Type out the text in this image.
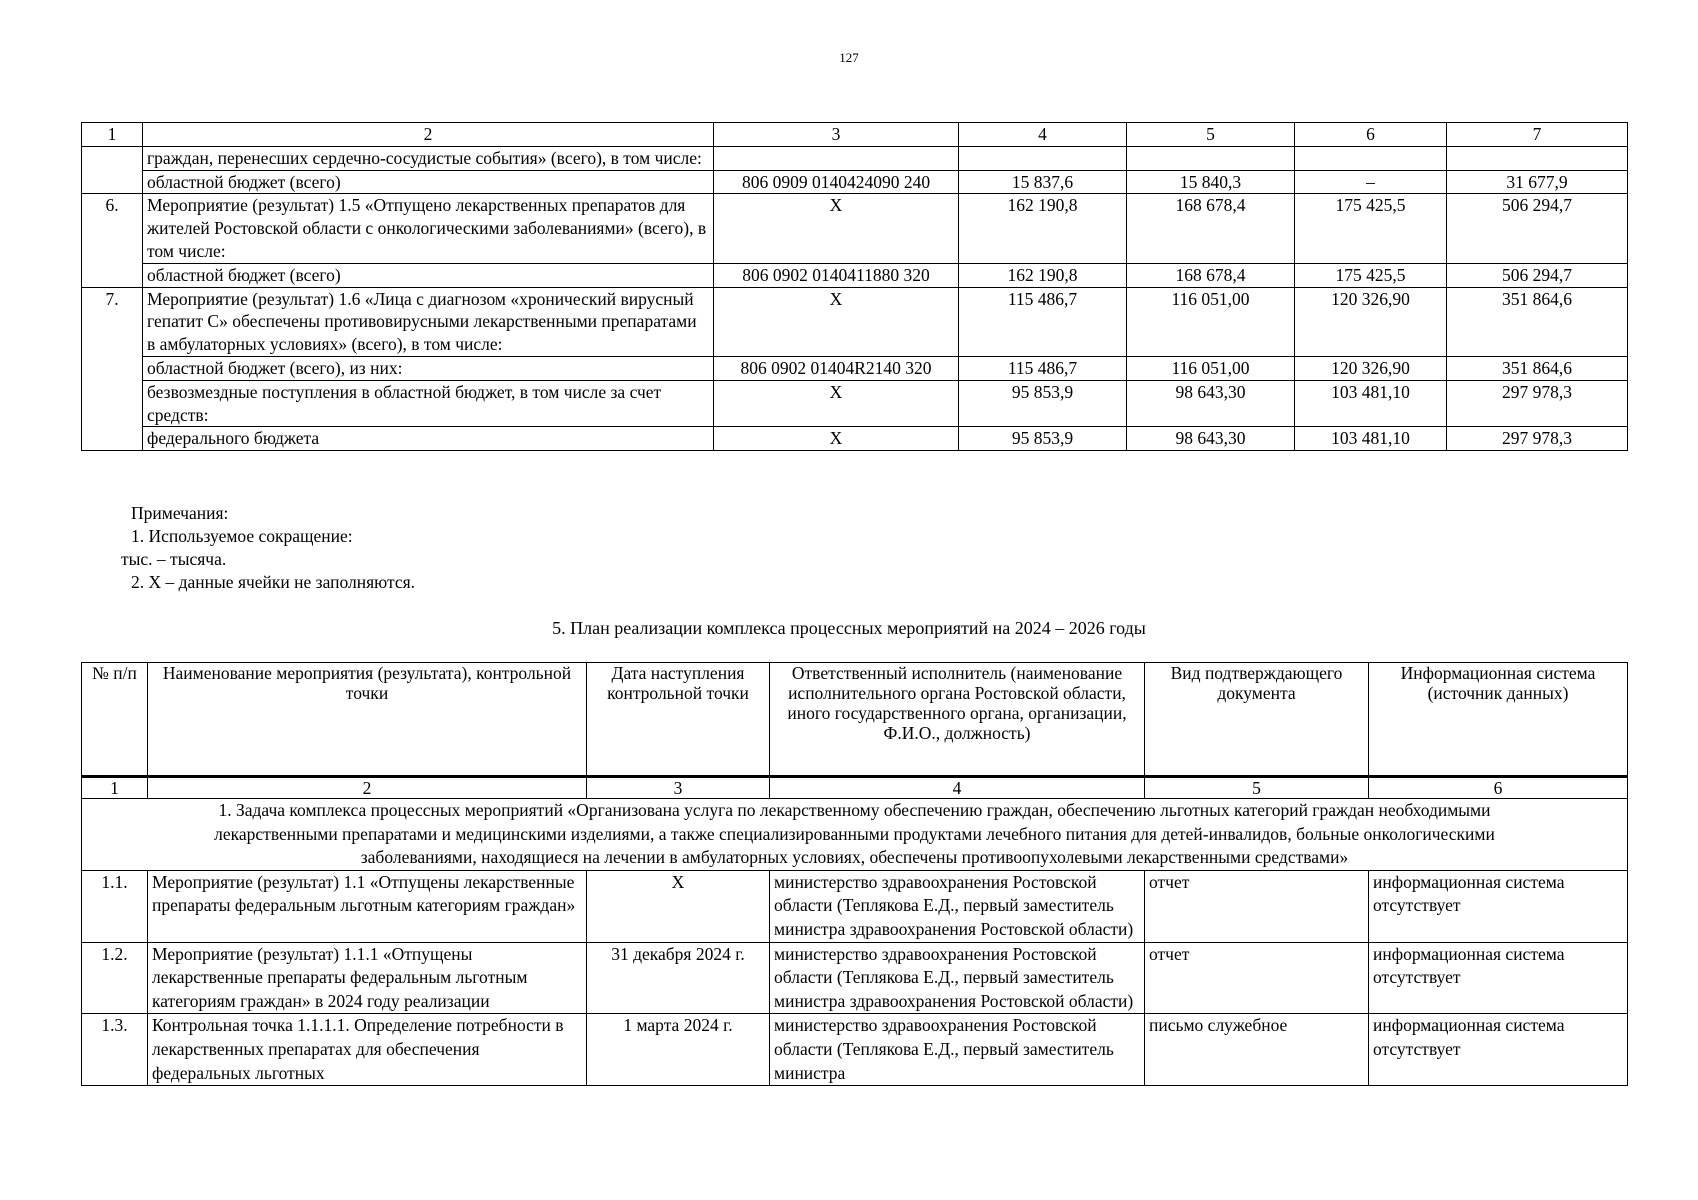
127
1	2	3	4	5	6	7
	граждан, перенесших сердечно-сосудистые события» (всего), в том числе:					
	областной бюджет (всего)	806 0909 0140424090 240	15 837,6	15 840,3	–	31 677,9
6.	Мероприятие (результат) 1.5 «Отпущено лекарственных препаратов для жителей Ростовской области с онкологическими заболеваниями» (всего), в том числе:	Х	162 190,8	168 678,4	175 425,5	506 294,7
	областной бюджет (всего)	806 0902 0140411880 320	162 190,8	168 678,4	175 425,5	506 294,7
7.	Мероприятие (результат) 1.6 «Лица с диагнозом «хронический вирусный гепатит С» обеспечены противовирусными лекарственными препаратами в амбулаторных условиях» (всего), в том числе:	Х	115 486,7	116 051,00	120 326,90	351 864,6
	областной бюджет (всего), из них:	806 0902 01404R2140 320	115 486,7	116 051,00	120 326,90	351 864,6
	безвозмездные поступления в областной бюджет, в том числе за счет средств:	Х	95 853,9	98 643,30	103 481,10	297 978,3
	федерального бюджета	Х	95 853,9	98 643,30	103 481,10	297 978,3
Примечания:
1. Используемое сокращение:
тыс. – тысяча.
2. Х – данные ячейки не заполняются.
5. План реализации комплекса процессных мероприятий на 2024 – 2026 годы
№ п/п	Наименование мероприятия (результата), контрольной точки	Дата наступления контрольной точки	Ответственный исполнитель (наименование исполнительного органа Ростовской области, иного государственного органа, организации, Ф.И.О., должность)	Вид подтверждающего документа	Информационная система (источник данных)
1	2	3	4	5	6
1. Задача комплекса процессных мероприятий «Организована услуга по лекарственному обеспечению граждан, обеспечению льготных категорий граждан необходимыми лекарственными препаратами и медицинскими изделиями, а также специализированными продуктами лечебного питания для детей-инвалидов, больные онкологическими заболеваниями, находящиеся на лечении в амбулаторных условиях, обеспечены противоопухолевыми лекарственными средствами»					
1.1.	Мероприятие (результат) 1.1 «Отпущены лекарственные препараты федеральным льготным категориям граждан»	Х	министерство здравоохранения Ростовской области (Теплякова Е.Д., первый заместитель министра здравоохранения Ростовской области)	отчет	информационная система отсутствует
1.2.	Мероприятие (результат) 1.1.1 «Отпущены лекарственные препараты федеральным льготным категориям граждан» в 2024 году реализации	31 декабря 2024 г.	министерство здравоохранения Ростовской области (Теплякова Е.Д., первый заместитель министра здравоохранения Ростовской области)	отчет	информационная система отсутствует
1.3.	Контрольная точка 1.1.1.1. Определение потребности в лекарственных препаратах для обеспечения федеральных льготных	1 марта 2024 г.	министерство здравоохранения Ростовской области (Теплякова Е.Д., первый заместитель министра	письмо служебное	информационная система отсутствует
